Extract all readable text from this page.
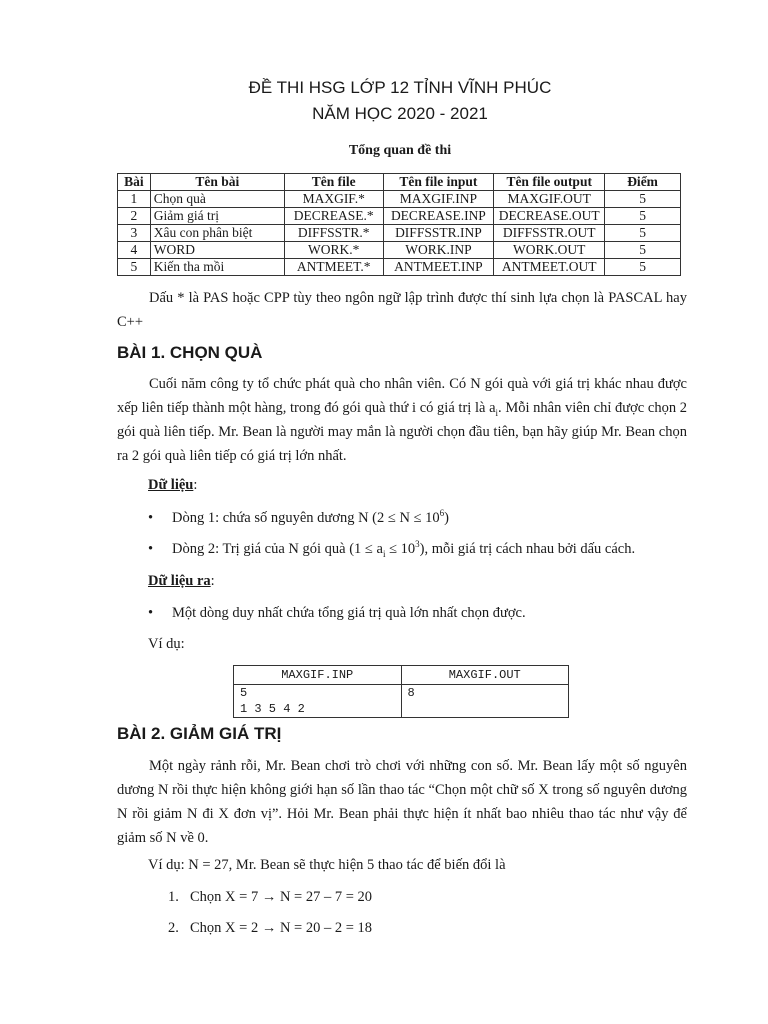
ĐỀ THI HSG LỚP 12 TỈNH VĨNH PHÚC
NĂM HỌC 2020 - 2021
Tổng quan đề thi
Bài	Tên bài	Tên file	Tên file input	Tên file output	Điểm
1	Chọn quà	MAXGIF.*	MAXGIF.INP	MAXGIF.OUT	5
2	Giảm giá trị	DECREASE.*	DECREASE.INP	DECREASE.OUT	5
3	Xâu con phân biệt	DIFFSSTR.*	DIFFSSTR.INP	DIFFSSTR.OUT	5
4	WORD	WORK.*	WORK.INP	WORK.OUT	5
5	Kiến tha mồi	ANTMEET.*	ANTMEET.INP	ANTMEET.OUT	5

Dấu * là PAS hoặc CPP tùy theo ngôn ngữ lập trình được thí sinh lựa chọn là PASCAL hay C++

BÀI 1. CHỌN QUÀ

Cuối năm công ty tổ chức phát quà cho nhân viên. Có N gói quà với giá trị khác nhau được xếp liên tiếp thành một hàng, trong đó gói quà thứ i có giá trị là $a_i$. Mỗi nhân viên chỉ được chọn 2 gói quà liên tiếp. Mr. Bean là người may mắn là người chọn đầu tiên, bạn hãy giúp Mr. Bean chọn ra 2 gói quà liên tiếp có giá trị lớn nhất.

Dữ liệu:
• Dòng 1: chứa số nguyên dương N $(2 \le N \le 10^6)$
• Dòng 2: Trị giá của N gói quà $(1 \le a_i \le 10^3)$, mỗi giá trị cách nhau bởi dấu cách.
Dữ liệu ra:
• Một dòng duy nhất chứa tổng giá trị quà lớn nhất chọn được.
Ví dụ:
MAXGIF.INP	MAXGIF.OUT

5
1 3 5 4 2	8
BÀI 2. GIẢM GIÁ TRỊ

Một ngày rảnh rỗi, Mr. Bean chơi trò chơi với những con số. Mr. Bean lấy một số nguyên dương N rồi thực hiện không giới hạn số lần thao tác “Chọn một chữ số X trong số nguyên dương N rồi giảm N đi X đơn vị”. Hỏi Mr. Bean phải thực hiện ít nhất bao nhiêu thao tác như vậy để giảm số N về 0.

Ví dụ: N = 27, Mr. Bean sẽ thực hiện 5 thao tác để biến đổi là
1. Chọn X = 7 → N = 27 – 7 = 20
2. Chọn X = 2 → N = 20 – 2 = 18
